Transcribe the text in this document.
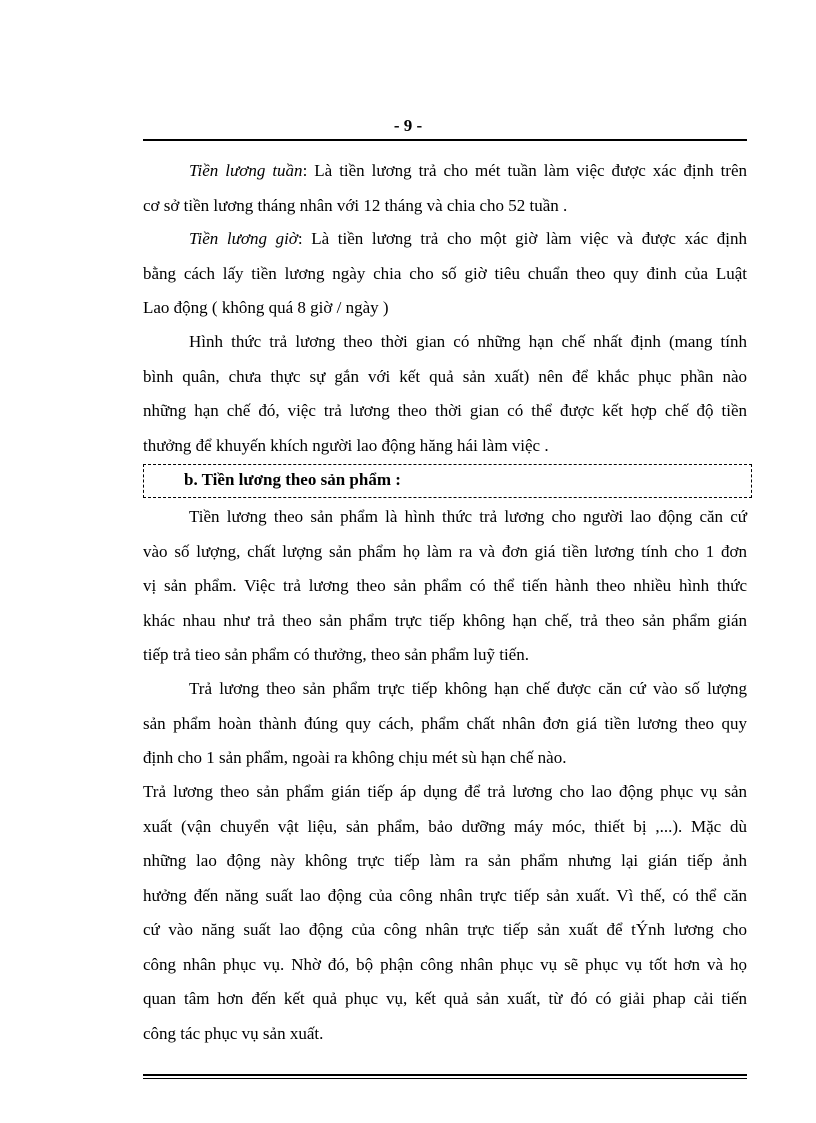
- 9 -
Tiền lương tuần: Là tiền lương trả cho mét tuần làm việc được xác định trên
cơ sở tiền lương tháng nhân với 12 tháng và chia cho 52 tuần .
Tiền lương giờ: Là tiền lương trả cho một giờ làm việc và được xác định
bằng cách lấy tiền lương ngày chia cho số giờ tiêu chuẩn theo quy đinh của Luật
Lao động ( không quá 8 giờ / ngày )
Hình thức trả lương theo thời gian có những hạn chế nhất định (mang tính
bình quân, chưa thực sự gắn với kết quả sản xuất) nên để khắc phục phần nào
những hạn chế đó, việc trả lương theo thời gian có thể được kết hợp chế độ tiền
thưởng để khuyến khích người lao động hăng hái làm việc .
b. Tiền lương theo sản phẩm :
Tiền lương theo sản phẩm là hình thức trả lương cho người lao động căn cứ
vào số lượng, chất lượng sản phẩm họ làm ra và đơn giá tiền lương tính cho 1 đơn
vị sản phẩm. Việc trả lương theo sản phẩm có thể tiến hành theo nhiều hình thức
khác nhau như trả theo sản phẩm trực tiếp không hạn chế, trả theo sản phẩm gián
tiếp trả tieo sản phẩm có thưởng, theo sản phẩm luỹ tiến.
Trả lương theo sản phẩm trực tiếp không hạn chế được căn cứ vào số lượng
sản phẩm hoàn thành đúng quy cách, phẩm chất nhân đơn giá tiền lương theo quy
định cho 1 sản phẩm, ngoài ra không chịu mét sù hạn chế nào.
Trả lương theo sản phẩm gián tiếp áp dụng để trả lương cho lao động phục vụ sản
xuất (vận chuyển vật liệu, sản phẩm, bảo dưỡng máy móc, thiết bị ,...). Mặc dù
những lao động này không trực tiếp làm ra sản phẩm nhưng lại gián tiếp ảnh
hưởng đến năng suất lao động của công nhân trực tiếp sản xuất. Vì thế, có thể căn
cứ vào năng suất lao động của công nhân trực tiếp sản xuất để tÝnh lương cho
công nhân phục vụ. Nhờ đó, bộ phận công nhân phục vụ sẽ phục vụ tốt hơn và họ
quan tâm hơn đến kết quả phục vụ, kết quả sản xuất, từ đó có giải phap cải tiến
công tác phục vụ sản xuất.
